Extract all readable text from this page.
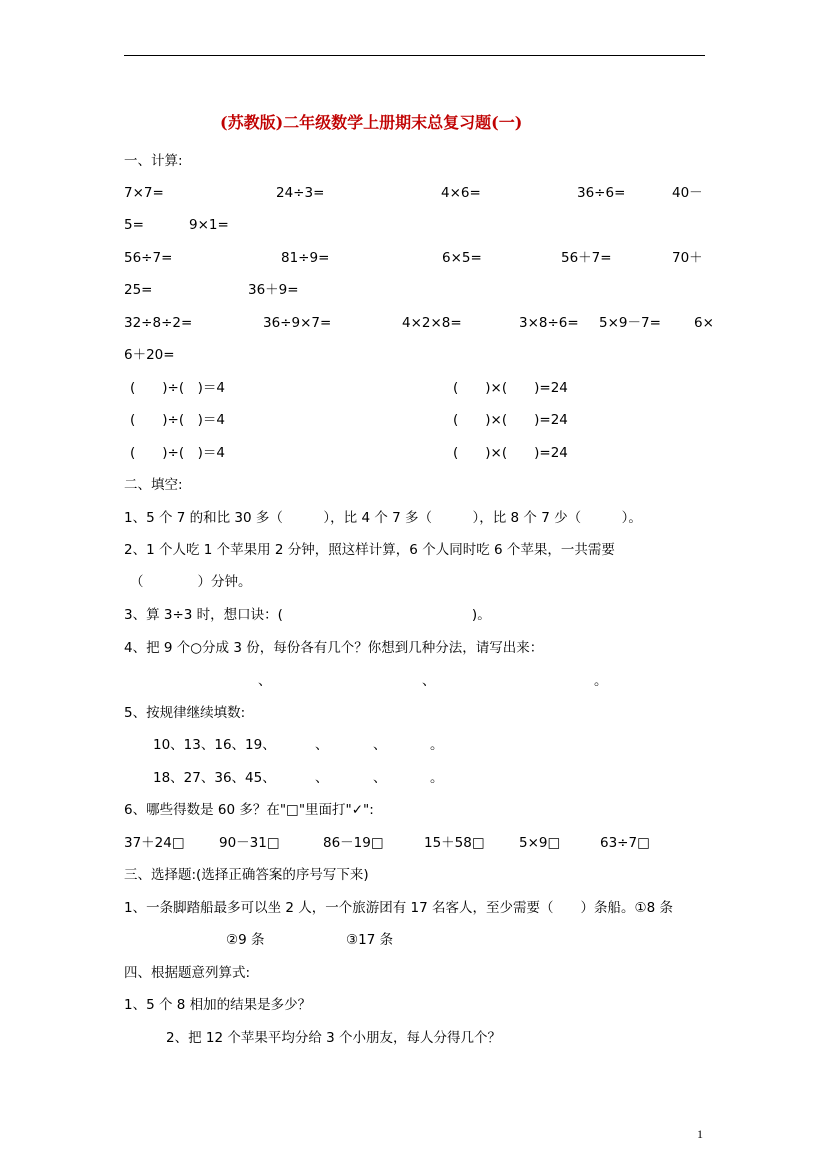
(苏教版)二年级数学上册期末总复习题(一)
一、计算:
7×7=	24÷3=	4×6=	36÷6=	40－
5=	9×1=
56÷7=	81÷9=	6×5=	56＋7=	70＋
25=	36＋9=
32÷8÷2=	36÷9×7=	4×2×8=	3×8÷6= 5×9－7= 6×
6＋20=
(　　)÷(　)＝4	(　　)×(　　)=24
(　　)÷(　)＝4	(　　)×(　　)=24
(　　)÷(　)＝4	(　　)×(　　)=24
二、填空:
1、5 个 7 的和比 30 多（　　　），比 4 个 7 多（　　　），比 8 个 7 少（　　　）。
2、1 个人吃 1 个苹果用 2 分钟，照这样计算，6 个人同时吃 6 个苹果，一共需要
（　　　　）分钟。
3、算 3÷3 时，想口诀：(　　　　　　　　　　　　　　)。
4、把 9 个○分成 3 份，每份各有几个？你想到几种分法，请写出来：
、	、	。
5、按规律继续填数:
10、13、16、19、	、	、	。
18、27、36、45、	、	、	。
6、哪些得数是 60 多？在"□"里面打"✓":
37＋24□	90－31□	86－19□	15＋58□	5×9□	63÷7□
三、选择题:(选择正确答案的序号写下来)
1、一条脚踏船最多可以坐 2 人，一个旅游团有 17 名客人，至少需要（　　）条船。①8 条
②9 条	③17 条
四、根据题意列算式:
1、5 个 8 相加的结果是多少？
2、把 12 个苹果平均分给 3 个小朋友，每人分得几个？
1
